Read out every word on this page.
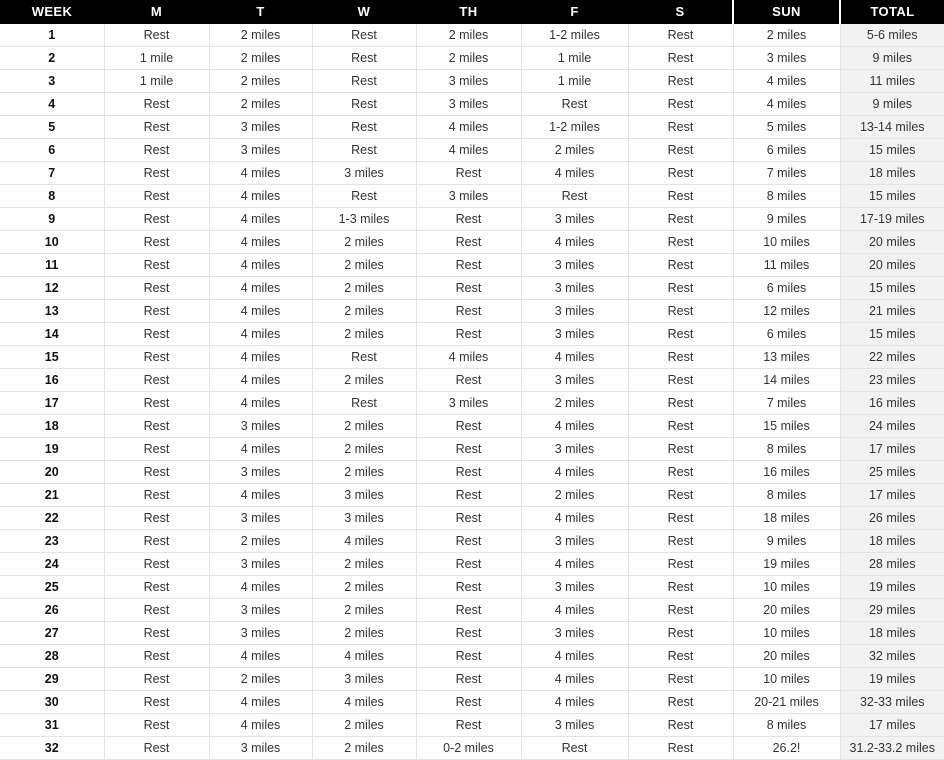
WEEK	M	T	W	TH	F	S	SUN	TOTAL
1	Rest	2 miles	Rest	2 miles	1-2 miles	Rest	2 miles	5-6 miles
2	1 mile	2 miles	Rest	2 miles	1 mile	Rest	3 miles	9 miles
3	1 mile	2 miles	Rest	3 miles	1 mile	Rest	4 miles	11 miles
4	Rest	2 miles	Rest	3 miles	Rest	Rest	4 miles	9 miles
5	Rest	3 miles	Rest	4 miles	1-2 miles	Rest	5 miles	13-14 miles
6	Rest	3 miles	Rest	4 miles	2 miles	Rest	6 miles	15 miles
7	Rest	4 miles	3 miles	Rest	4 miles	Rest	7 miles	18 miles
8	Rest	4 miles	Rest	3 miles	Rest	Rest	8 miles	15 miles
9	Rest	4 miles	1-3 miles	Rest	3 miles	Rest	9 miles	17-19 miles
10	Rest	4 miles	2 miles	Rest	4 miles	Rest	10 miles	20 miles
11	Rest	4 miles	2 miles	Rest	3 miles	Rest	11 miles	20 miles
12	Rest	4 miles	2 miles	Rest	3 miles	Rest	6 miles	15 miles
13	Rest	4 miles	2 miles	Rest	3 miles	Rest	12 miles	21 miles
14	Rest	4 miles	2 miles	Rest	3 miles	Rest	6 miles	15 miles
15	Rest	4 miles	Rest	4 miles	4 miles	Rest	13 miles	22 miles
16	Rest	4 miles	2 miles	Rest	3 miles	Rest	14 miles	23 miles
17	Rest	4 miles	Rest	3 miles	2 miles	Rest	7 miles	16 miles
18	Rest	3 miles	2 miles	Rest	4 miles	Rest	15 miles	24 miles
19	Rest	4 miles	2 miles	Rest	3 miles	Rest	8 miles	17 miles
20	Rest	3 miles	2 miles	Rest	4 miles	Rest	16 miles	25 miles
21	Rest	4 miles	3 miles	Rest	2 miles	Rest	8 miles	17 miles
22	Rest	3 miles	3 miles	Rest	4 miles	Rest	18 miles	26 miles
23	Rest	2 miles	4 miles	Rest	3 miles	Rest	9 miles	18 miles
24	Rest	3 miles	2 miles	Rest	4 miles	Rest	19 miles	28 miles
25	Rest	4 miles	2 miles	Rest	3 miles	Rest	10 miles	19 miles
26	Rest	3 miles	2 miles	Rest	4 miles	Rest	20 miles	29 miles
27	Rest	3 miles	2 miles	Rest	3 miles	Rest	10 miles	18 miles
28	Rest	4 miles	4 miles	Rest	4 miles	Rest	20 miles	32 miles
29	Rest	2 miles	3 miles	Rest	4 miles	Rest	10 miles	19 miles
30	Rest	4 miles	4 miles	Rest	4 miles	Rest	20-21 miles	32-33 miles
31	Rest	4 miles	2 miles	Rest	3 miles	Rest	8 miles	17 miles
32	Rest	3 miles	2 miles	0-2 miles	Rest	Rest	26.2!	31.2-33.2 miles
